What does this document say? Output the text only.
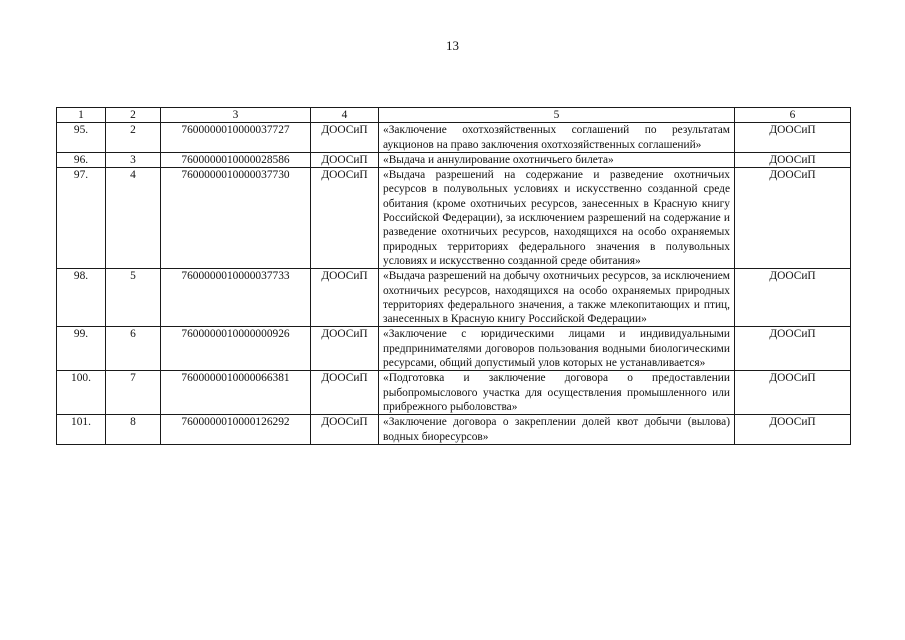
13
1	2	3	4	5	6
95.	2	7600000010000037727	ДООСиП	«Заключение охотхозяйственных соглашений по результатам аукционов на право заключения охотхозяйственных соглашений»	ДООСиП
96.	3	7600000010000028586	ДООСиП	«Выдача и аннулирование охотничьего билета»	ДООСиП
97.	4	7600000010000037730	ДООСиП	«Выдача разрешений на содержание и разведение охотничьих ресурсов в полувольных условиях и искусственно созданной среде обитания (кроме охотничьих ресурсов, занесенных в Красную книгу Российской Федерации), за исключением разрешений на содержание и разведение охотничьих ресурсов, находящихся на особо охраняемых природных территориях федерального значения в полувольных условиях и искусственно созданной среде обитания»	ДООСиП
98.	5	7600000010000037733	ДООСиП	«Выдача разрешений на добычу охотничьих ресурсов, за исключением охотничьих ресурсов, находящихся на особо охраняемых природных территориях федерального значения, а также млекопитающих и птиц, занесенных в Красную книгу Российской Федерации»	ДООСиП
99.	6	7600000010000000926	ДООСиП	«Заключение с юридическими лицами и индивидуальными предпринимателями договоров пользования водными биологическими ресурсами, общий допустимый улов которых не устанавливается»	ДООСиП
100.	7	7600000010000066381	ДООСиП	«Подготовка и заключение договора о предоставлении рыбопромыслового участка для осуществления промышленного или прибрежного рыболовства»	ДООСиП
101.	8	7600000010000126292	ДООСиП	«Заключение договора о закреплении долей квот добычи (вылова) водных биоресурсов»	ДООСиП
